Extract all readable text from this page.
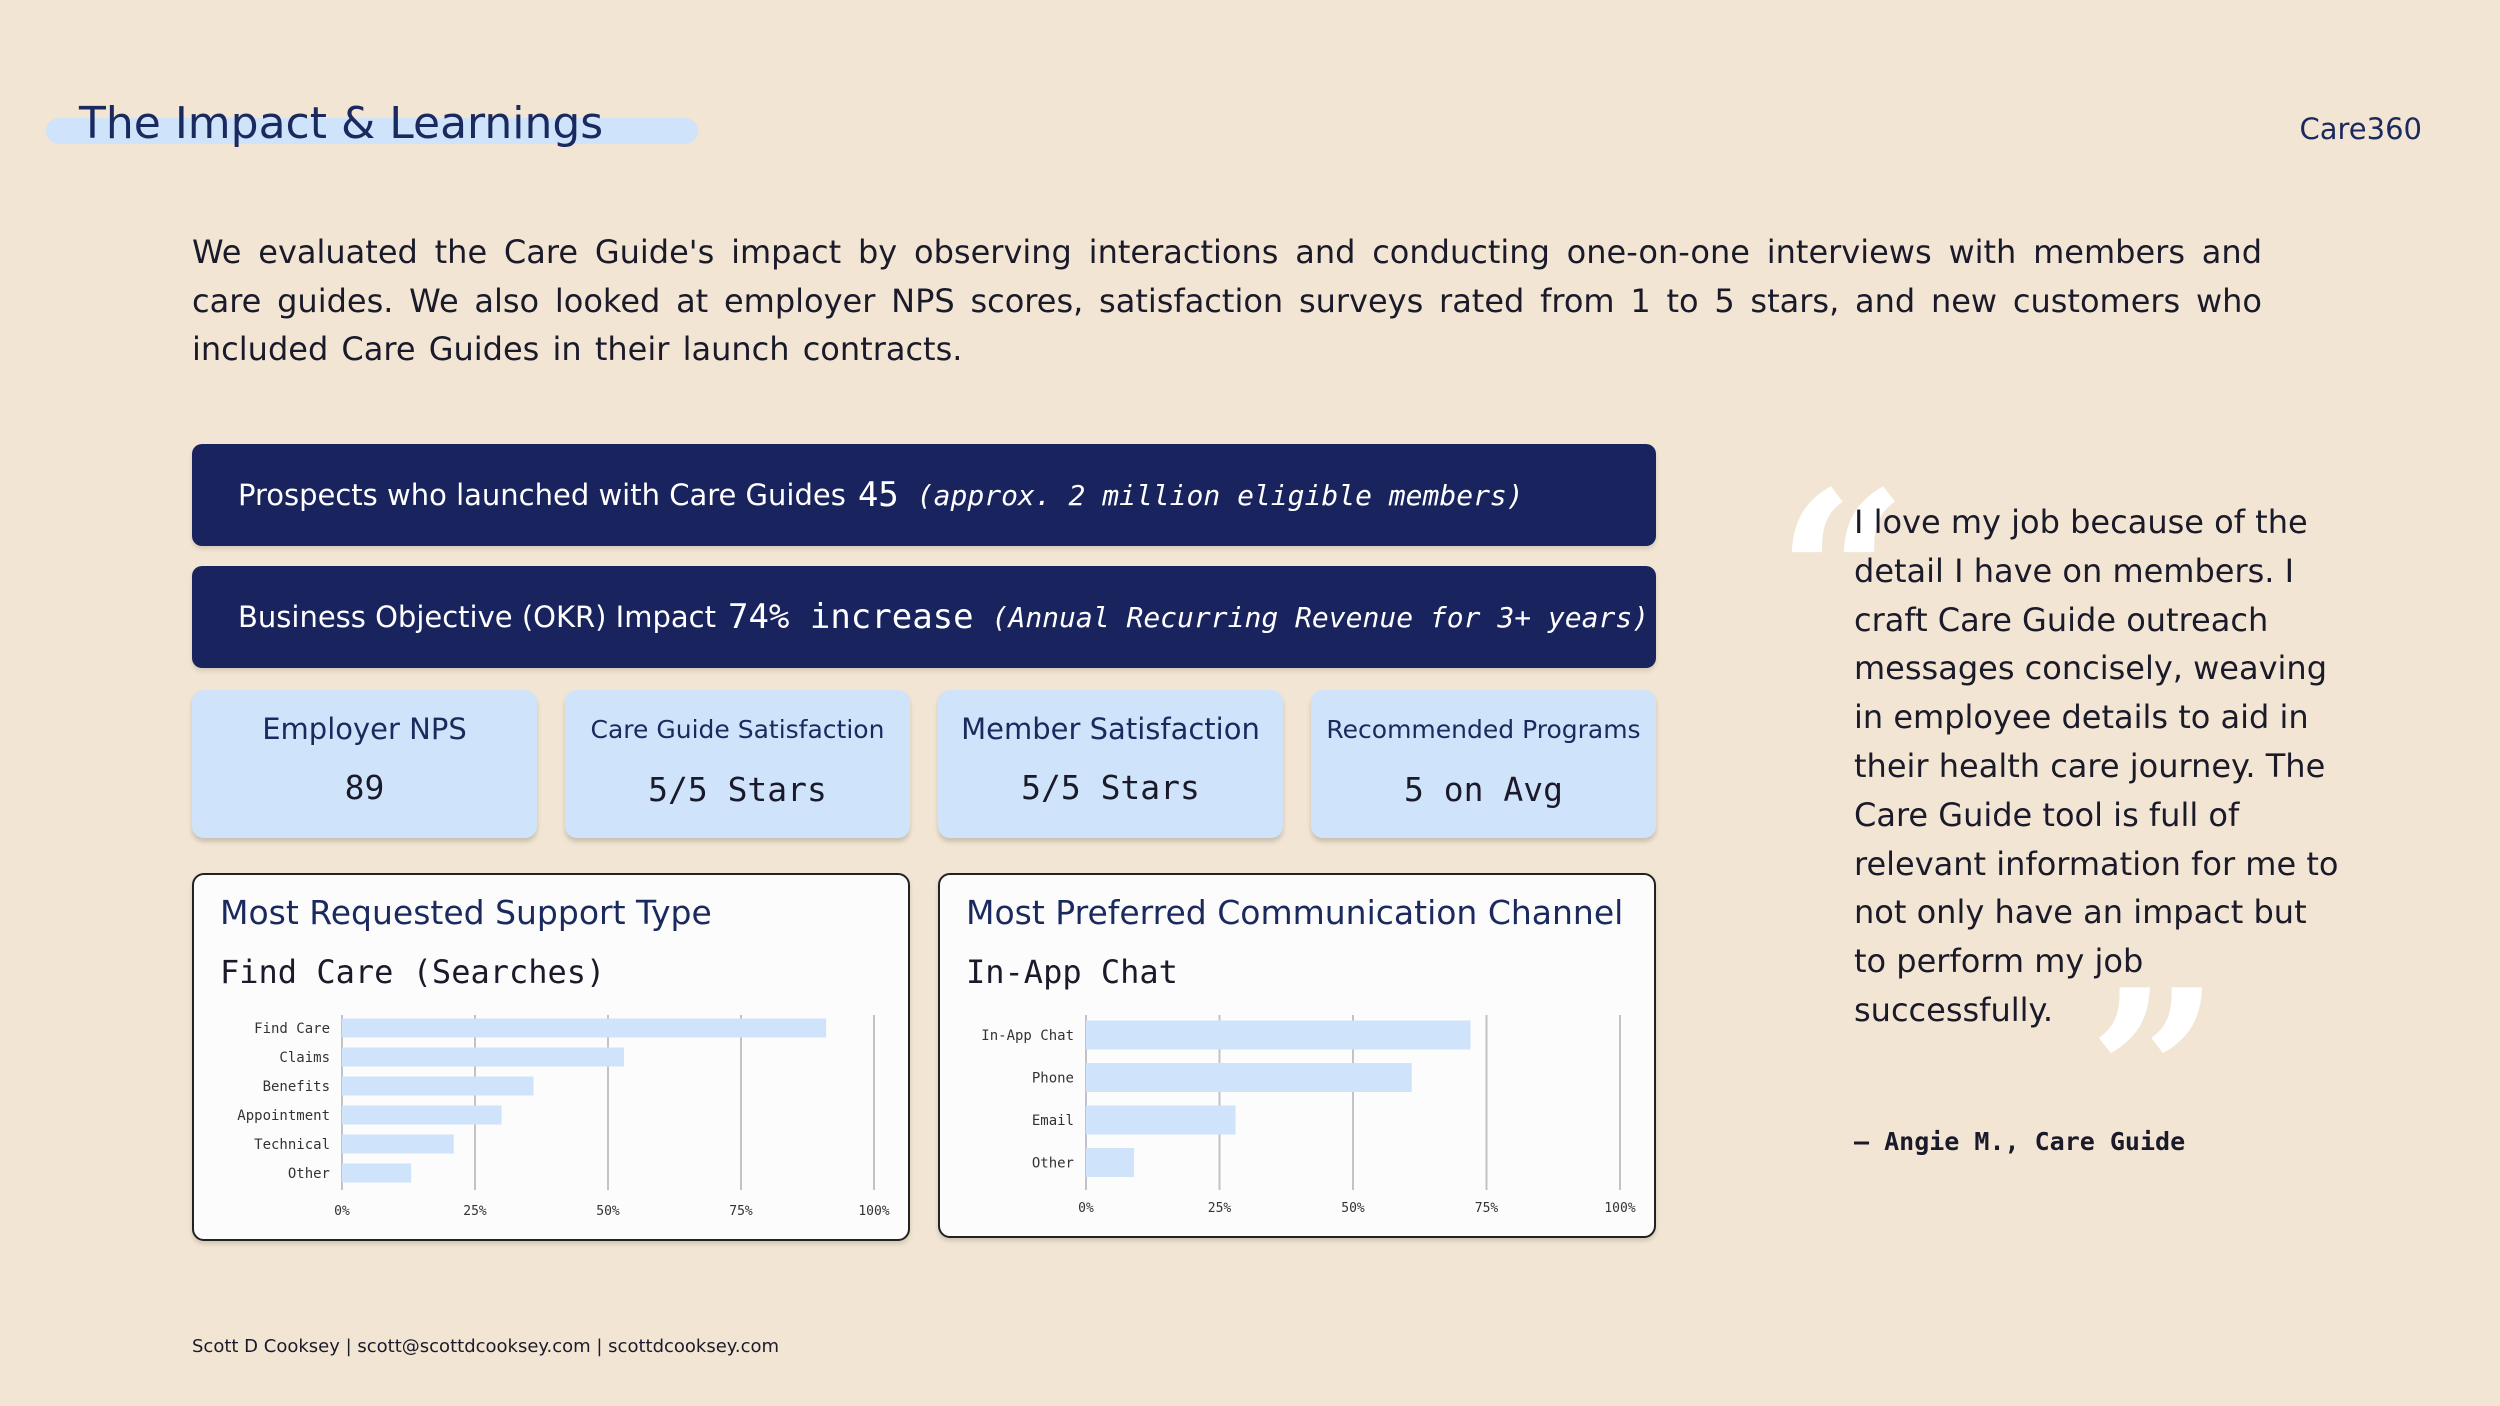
The Impact & Learnings	Care360

We evaluated the Care Guide's impact by observing interactions and conducting one-on-one interviews with members and care guides. We also looked at employer NPS scores, satisfaction surveys rated from 1 to 5 stars, and new customers who included Care Guides in their launch contracts.

Prospects who launched with Care Guides 45 (approx. 2 million eligible members)
Business Objective (OKR) Impact 74% increase (Annual Recurring Revenue for 3+ years)
Employer NPS
89
Care Guide Satisfaction
5/5 Stars
Member Satisfaction
5/5 Stars
Recommended Programs
5 on Avg
Most Requested Support Type
Find Care (Searches)
0%	25%	50%	75%	100%
Find Care
Claims
Benefits
Appointment
Technical
Other
Most Preferred Communication Channel
In-App Chat
0%	25%	50%	75%	100%
In-App Chat
Phone
Email
Other
“
”

I love my job because of the detail I have on members. I craft Care Guide outreach messages concisely, weaving in employee details to aid in their health care journey. The Care Guide tool is full of relevant information for me to not only have an impact but to perform my job successfully.

— Angie M., Care Guide
Scott D Cooksey | scott@scottdcooksey.com | scottdcooksey.com
